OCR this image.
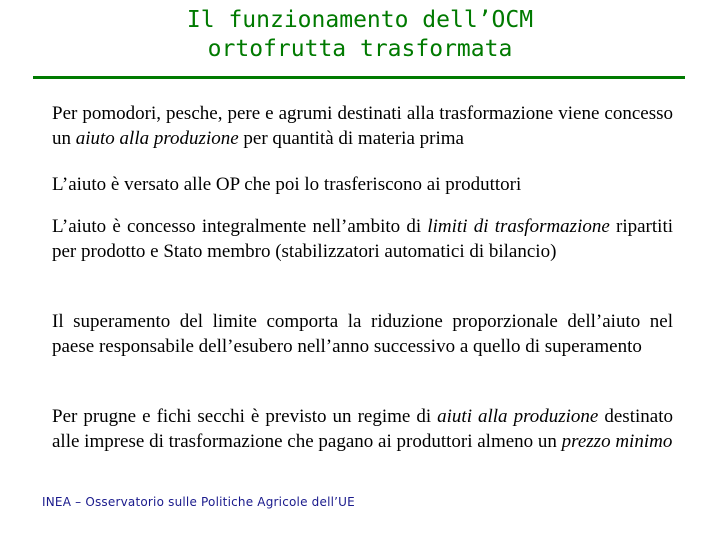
Il funzionamento dell’OCM
ortofrutta trasformata
Per pomodori, pesche, pere e agrumi destinati alla trasformazione viene concesso un aiuto alla produzione per quantità di materia prima
L’aiuto è versato alle OP che poi lo trasferiscono ai produttori
L’aiuto è concesso integralmente nell’ambito di limiti di trasformazione ripartiti per prodotto e Stato membro (stabilizzatori automatici di bilancio)
Il superamento del limite comporta la riduzione proporzionale dell’aiuto nel paese responsabile dell’esubero nell’anno successivo a quello di superamento
Per prugne e fichi secchi è previsto un regime di aiuti alla produzione destinato alle imprese di trasformazione che pagano ai produttori almeno un prezzo minimo
INEA – Osservatorio sulle Politiche Agricole dell’UE
